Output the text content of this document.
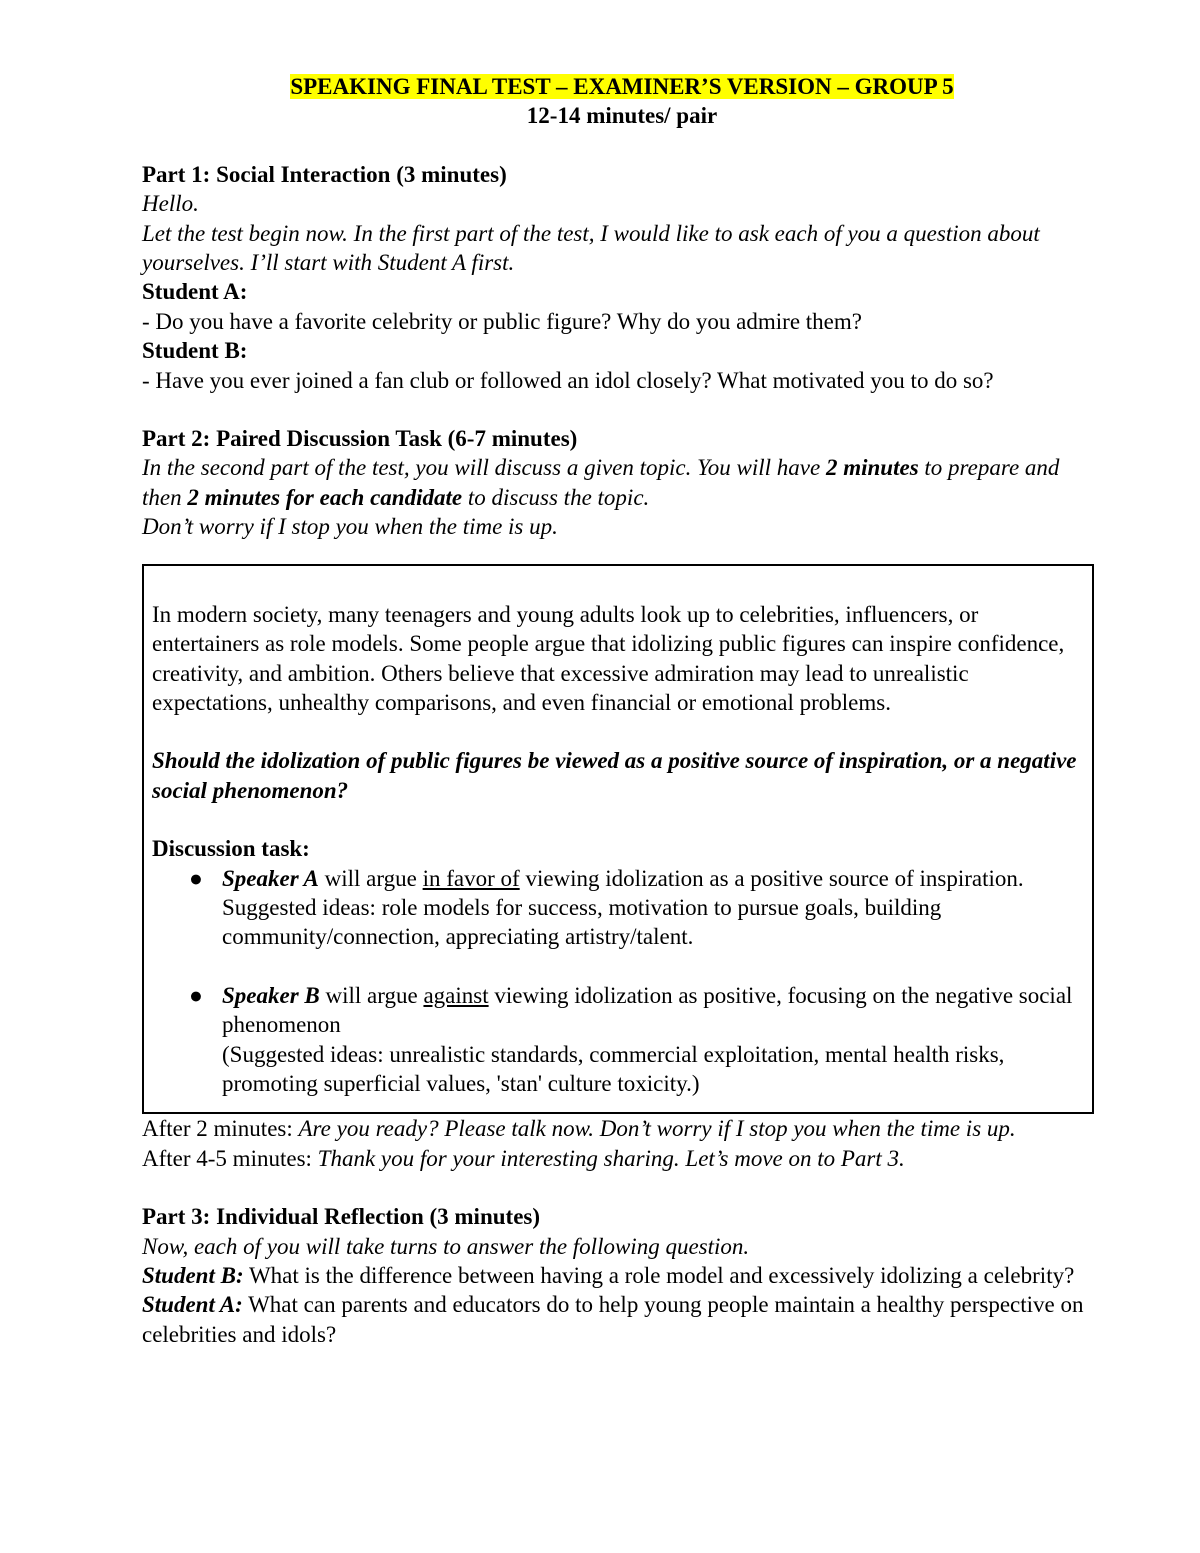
SPEAKING FINAL TEST – EXAMINER’S VERSION – GROUP 5

12-14 minutes/ pair

Part 1: Social Interaction (3 minutes)

Hello.

Let the test begin now. In the first part of the test, I would like to ask each of you a question about yourselves. I’ll start with Student A first.

Student A:

- Do you have a favorite celebrity or public figure? Why do you admire them?

Student B:

- Have you ever joined a fan club or followed an idol closely? What motivated you to do so?

Part 2: Paired Discussion Task (6-7 minutes)

In the second part of the test, you will discuss a given topic. You will have 2 minutes to prepare and then 2 minutes for each candidate to discuss the topic.

Don’t worry if I stop you when the time is up.

In modern society, many teenagers and young adults look up to celebrities, influencers, or entertainers as role models. Some people argue that idolizing public figures can inspire confidence, creativity, and ambition. Others believe that excessive admiration may lead to unrealistic expectations, unhealthy comparisons, and even financial or emotional problems.

Should the idolization of public figures be viewed as a positive source of inspiration, or a negative social phenomenon?

Discussion task:

● Speaker A will argue in favor of viewing idolization as a positive source of inspiration.
Suggested ideas: role models for success, motivation to pursue goals, building community/connection, appreciating artistry/talent.
● Speaker B will argue against viewing idolization as positive, focusing on the negative social phenomenon
(Suggested ideas: unrealistic standards, commercial exploitation, mental health risks, promoting superficial values, 'stan' culture toxicity.)

After 2 minutes: Are you ready? Please talk now. Don’t worry if I stop you when the time is up.

After 4-5 minutes: Thank you for your interesting sharing. Let’s move on to Part 3.

Part 3: Individual Reflection (3 minutes)

Now, each of you will take turns to answer the following question.

Student B: What is the difference between having a role model and excessively idolizing a celebrity?

Student A: What can parents and educators do to help young people maintain a healthy perspective on celebrities and idols?
